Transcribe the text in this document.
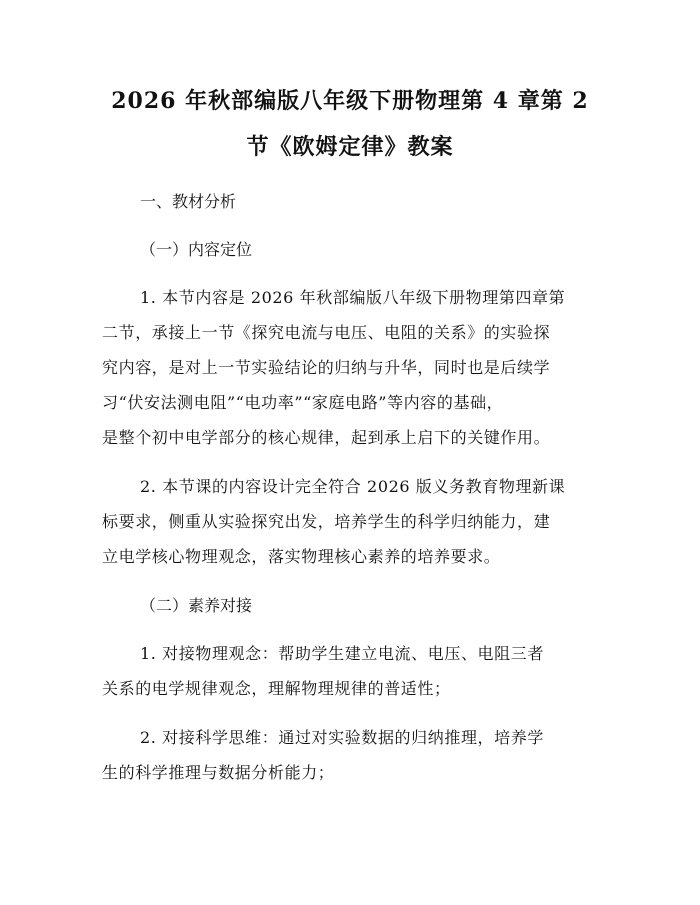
2026 年秋部编版八年级下册物理第 4 章第 2
节《欧姆定律》教案
一、教材分析
（一）内容定位
1. 本节内容是 2026 年秋部编版八年级下册物理第四章第
二节，承接上一节《探究电流与电压、电阻的关系》的实验探
究内容，是对上一节实验结论的归纳与升华，同时也是后续学
习“伏安法测电阻”“电功率”“家庭电路”等内容的基础，
是整个初中电学部分的核心规律，起到承上启下的关键作用。
2. 本节课的内容设计完全符合 2026 版义务教育物理新课
标要求，侧重从实验探究出发，培养学生的科学归纳能力，建
立电学核心物理观念，落实物理核心素养的培养要求。
（二）素养对接
1. 对接物理观念：帮助学生建立电流、电压、电阻三者
关系的电学规律观念，理解物理规律的普适性；
2. 对接科学思维：通过对实验数据的归纳推理，培养学
生的科学推理与数据分析能力；
